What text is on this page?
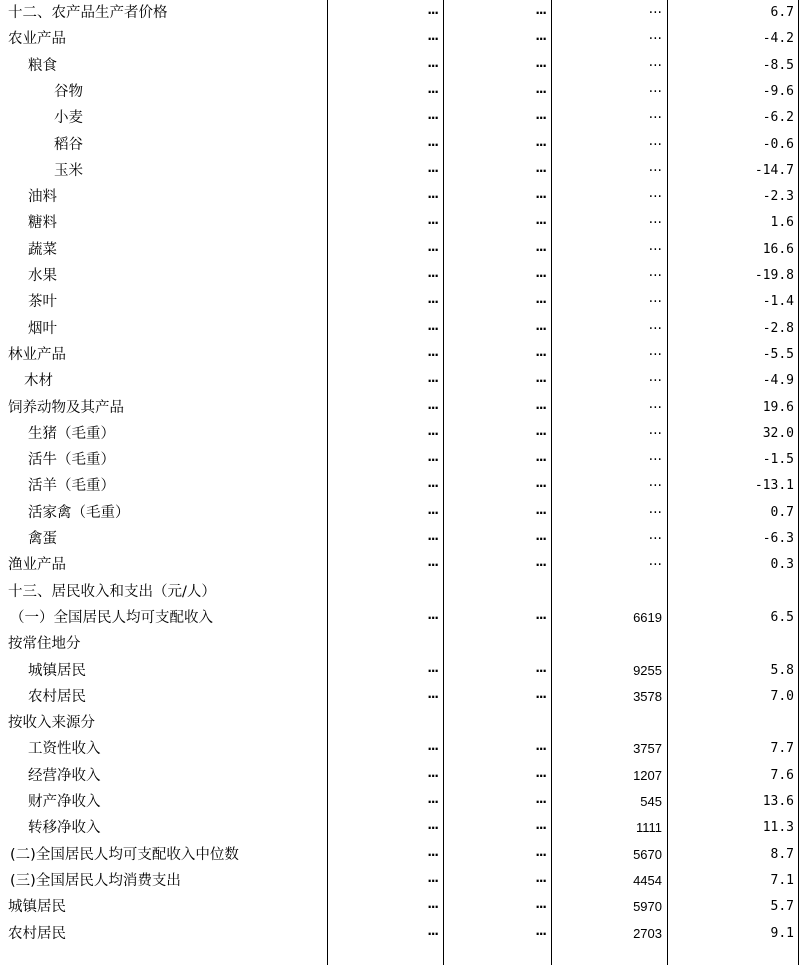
十二、农产品生产者价格	···	···	···	6.7
农业产品	···	···	···	-4.2
粮食	···	···	···	-8.5
谷物	···	···	···	-9.6
小麦	···	···	···	-6.2
稻谷	···	···	···	-0.6
玉米	···	···	···	-14.7
油料	···	···	···	-2.3
糖料	···	···	···	1.6
蔬菜	···	···	···	16.6
水果	···	···	···	-19.8
茶叶	···	···	···	-1.4
烟叶	···	···	···	-2.8
林业产品	···	···	···	-5.5
木材	···	···	···	-4.9
饲养动物及其产品	···	···	···	19.6
生猪（毛重）	···	···	···	32.0
活牛（毛重）	···	···	···	-1.5
活羊（毛重）	···	···	···	-13.1
活家禽（毛重）	···	···	···	0.7
禽蛋	···	···	···	-6.3
渔业产品	···	···	···	0.3
十三、居民收入和支出（元/人）
（一）全国居民人均可支配收入	···	···	6619	6.5
按常住地分
城镇居民	···	···	9255	5.8
农村居民	···	···	3578	7.0
按收入来源分
工资性收入	···	···	3757	7.7
经营净收入	···	···	1207	7.6
财产净收入	···	···	545	13.6
转移净收入	···	···	1111	11.3
(二)全国居民人均可支配收入中位数	···	···	5670	8.7
(三)全国居民人均消费支出	···	···	4454	7.1
城镇居民	···	···	5970	5.7
农村居民	···	···	2703	9.1
